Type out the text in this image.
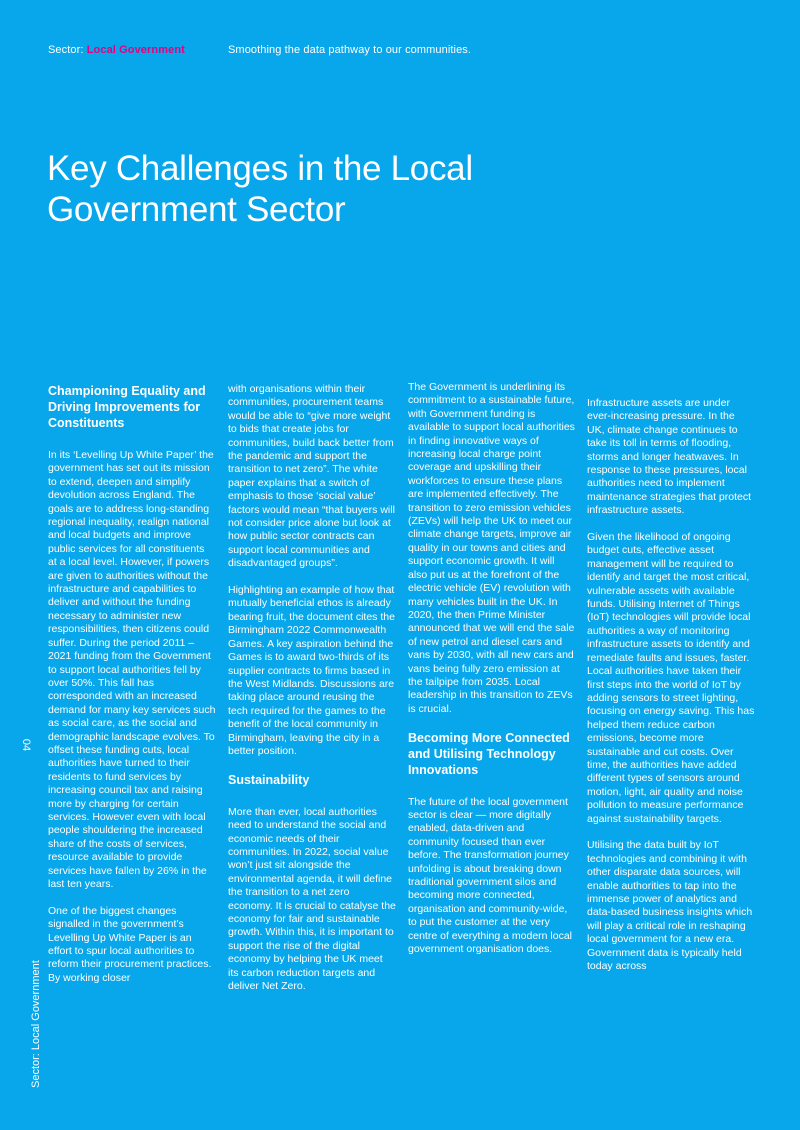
Sector: Local Government	Smoothing the data pathway to our communities.
Key Challenges in the Local Government Sector
04
Sector: Local Government
Championing Equality and Driving Improvements for Constituents

In its ‘Levelling Up White Paper’ the government has set out its mission to extend, deepen and simplify devolution across England. The goals are to address long-standing regional inequality, realign national and local budgets and improve public services for all constituents at a local level. However, if powers are given to authorities without the infrastructure and capabilities to deliver and without the funding necessary to administer new responsibilities, then citizens could suffer. During the period 2011 – 2021 funding from the Government to support local authorities fell by over 50%. This fall has corresponded with an increased demand for many key services such as social care, as the social and demographic landscape evolves. To offset these funding cuts, local authorities have turned to their residents to fund services by increasing council tax and raising more by charging for certain services. However even with local people shouldering the increased share of the costs of services, resource available to provide services have fallen by 26% in the last ten years.

One of the biggest changes signalled in the government’s Levelling Up White Paper is an effort to spur local authorities to reform their procurement practices. By working closer

with organisations within their communities, procurement teams would be able to “give more weight to bids that create jobs for communities, build back better from the pandemic and support the transition to net zero”. The white paper explains that a switch of emphasis to those ‘social value’ factors would mean “that buyers will not consider price alone but look at how public sector contracts can support local communities and disadvantaged groups”.

Highlighting an example of how that mutually beneficial ethos is already bearing fruit, the document cites the Birmingham 2022 Commonwealth Games. A key aspiration behind the Games is to award two-thirds of its supplier contracts to firms based in the West Midlands. Discussions are taking place around reusing the tech required for the games to the benefit of the local community in Birmingham, leaving the city in a better position.

Sustainability

More than ever, local authorities need to understand the social and economic needs of their communities. In 2022, social value won’t just sit alongside the environmental agenda, it will define the transition to a net zero economy. It is crucial to catalyse the economy for fair and sustainable growth. Within this, it is important to support the rise of the digital economy by helping the UK meet its carbon reduction targets and deliver Net Zero.

The Government is underlining its commitment to a sustainable future, with Government funding is available to support local authorities in finding innovative ways of increasing local charge point coverage and upskilling their workforces to ensure these plans are implemented effectively. The transition to zero emission vehicles (ZEVs) will help the UK to meet our climate change targets, improve air quality in our towns and cities and support economic growth. It will also put us at the forefront of the electric vehicle (EV) revolution with many vehicles built in the UK. In 2020, the then Prime Minister announced that we will end the sale of new petrol and diesel cars and vans by 2030, with all new cars and vans being fully zero emission at the tailpipe from 2035. Local leadership in this transition to ZEVs is crucial.

Becoming More Connected and Utilising Technology Innovations

The future of the local government sector is clear — more digitally enabled, data-driven and community focused than ever before. The transformation journey unfolding is about breaking down traditional government silos and becoming more connected, organisation and community-wide, to put the customer at the very centre of everything a modern local government organisation does.

Infrastructure assets are under ever-increasing pressure. In the UK, climate change continues to take its toll in terms of flooding, storms and longer heatwaves. In response to these pressures, local authorities need to implement maintenance strategies that protect infrastructure assets.

Given the likelihood of ongoing budget cuts, effective asset management will be required to identify and target the most critical, vulnerable assets with available funds. Utilising Internet of Things (IoT) technologies will provide local authorities a way of monitoring infrastructure assets to identify and remediate faults and issues, faster. Local authorities have taken their first steps into the world of IoT by adding sensors to street lighting, focusing on energy saving. This has helped them reduce carbon emissions, become more sustainable and cut costs. Over time, the authorities have added different types of sensors around motion, light, air quality and noise pollution to measure performance against sustainability targets.

Utilising the data built by IoT technologies and combining it with other disparate data sources, will enable authorities to tap into the immense power of analytics and data-based business insights which will play a critical role in reshaping local government for a new era. Government data is typically held today across
